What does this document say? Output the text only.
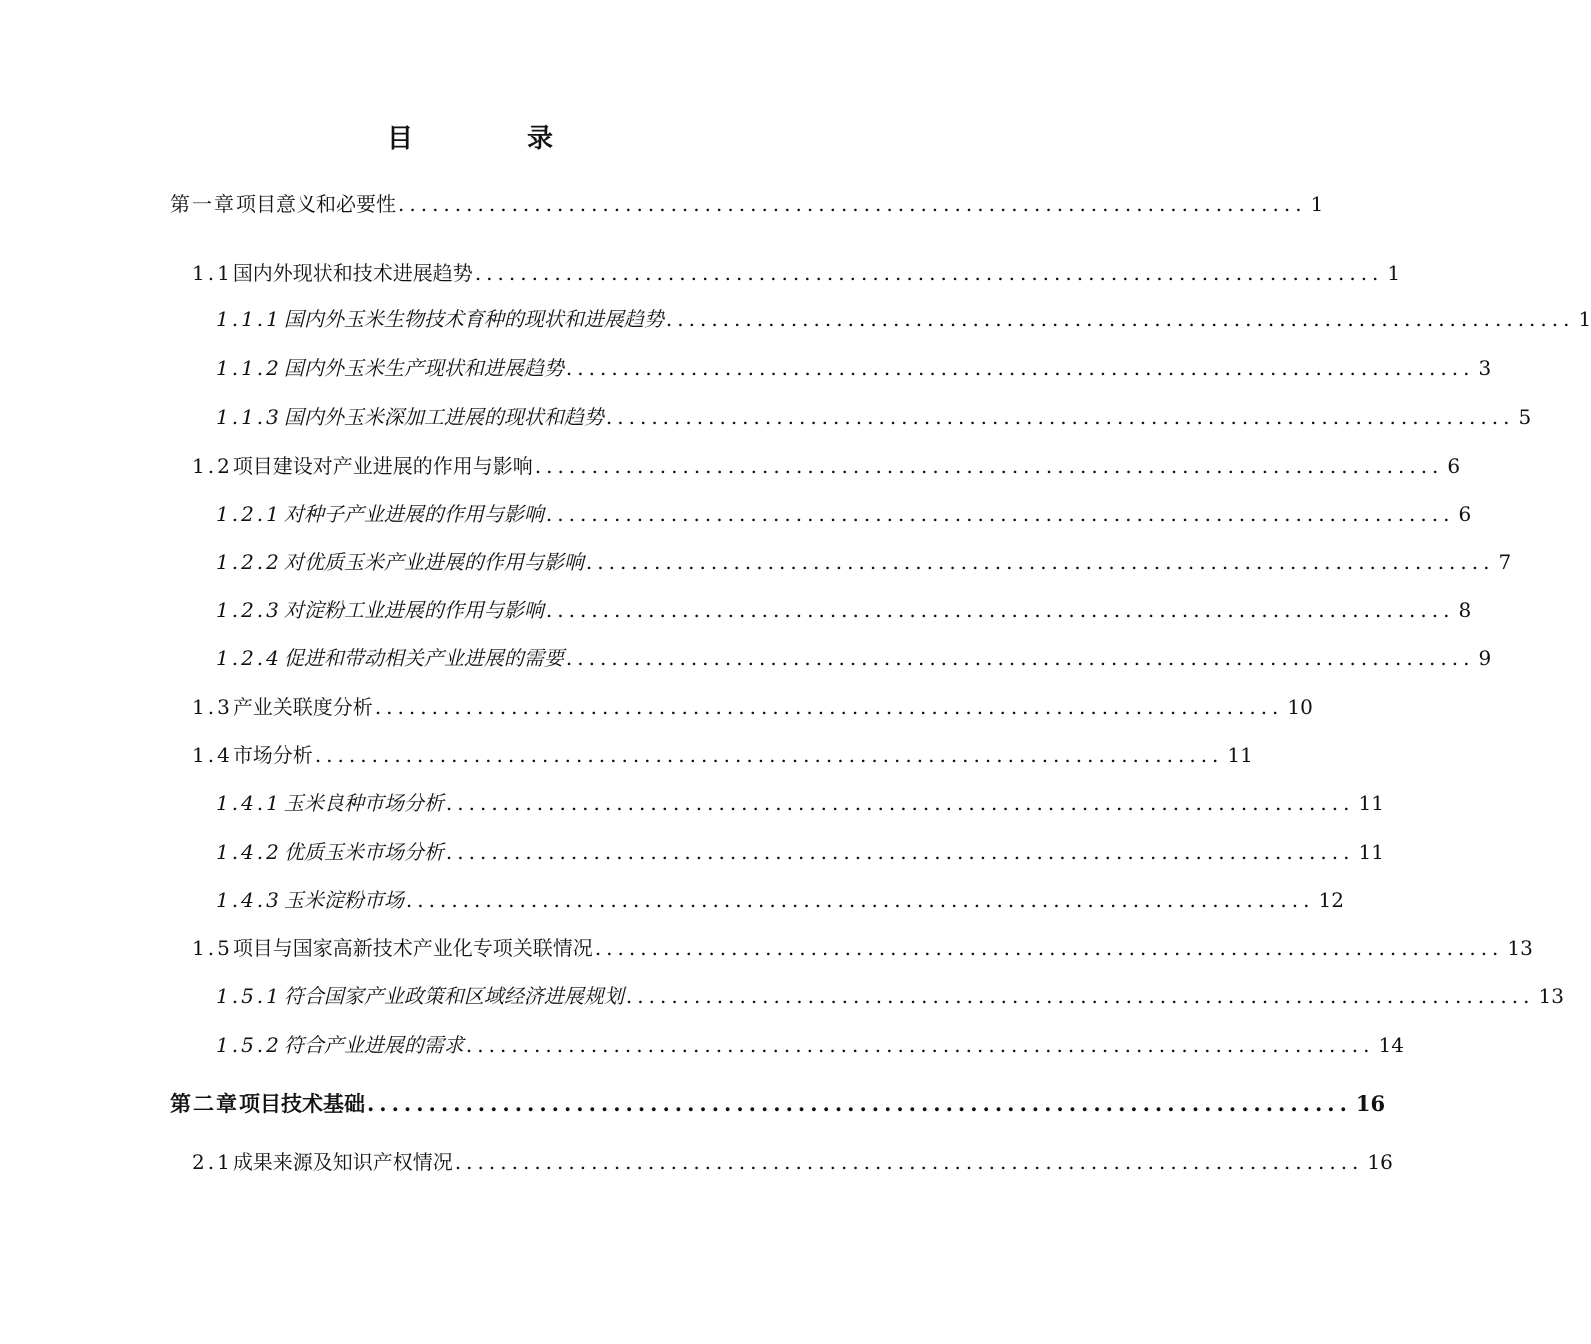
目　录
第一章 项目意义和必要性 ................................................................................ 1
1.1 国内外现状和技术进展趋势 ................................................................................ 1
1.1.1 国内外玉米生物技术育种的现状和进展趋势 ................................................................................ 1
1.1.2 国内外玉米生产现状和进展趋势 ................................................................................ 3
1.1.3 国内外玉米深加工进展的现状和趋势 ................................................................................ 5
1.2 项目建设对产业进展的作用与影响 ................................................................................ 6
1.2.1 对种子产业进展的作用与影响 ................................................................................ 6
1.2.2 对优质玉米产业进展的作用与影响 ................................................................................ 7
1.2.3 对淀粉工业进展的作用与影响 ................................................................................ 8
1.2.4 促进和带动相关产业进展的需要 ................................................................................ 9
1.3 产业关联度分析 ................................................................................ 10
1.4 市场分析 ................................................................................ 11
1.4.1 玉米良种市场分析 ................................................................................ 11
1.4.2 优质玉米市场分析 ................................................................................ 11
1.4.3 玉米淀粉市场 ................................................................................ 12
1.5 项目与国家高新技术产业化专项关联情况 ................................................................................ 13
1.5.1 符合国家产业政策和区域经济进展规划 ................................................................................ 13
1.5.2 符合产业进展的需求 ................................................................................ 14
第二章 项目技术基础 ................................................................................ 16
2.1 成果来源及知识产权情况 ................................................................................ 16
